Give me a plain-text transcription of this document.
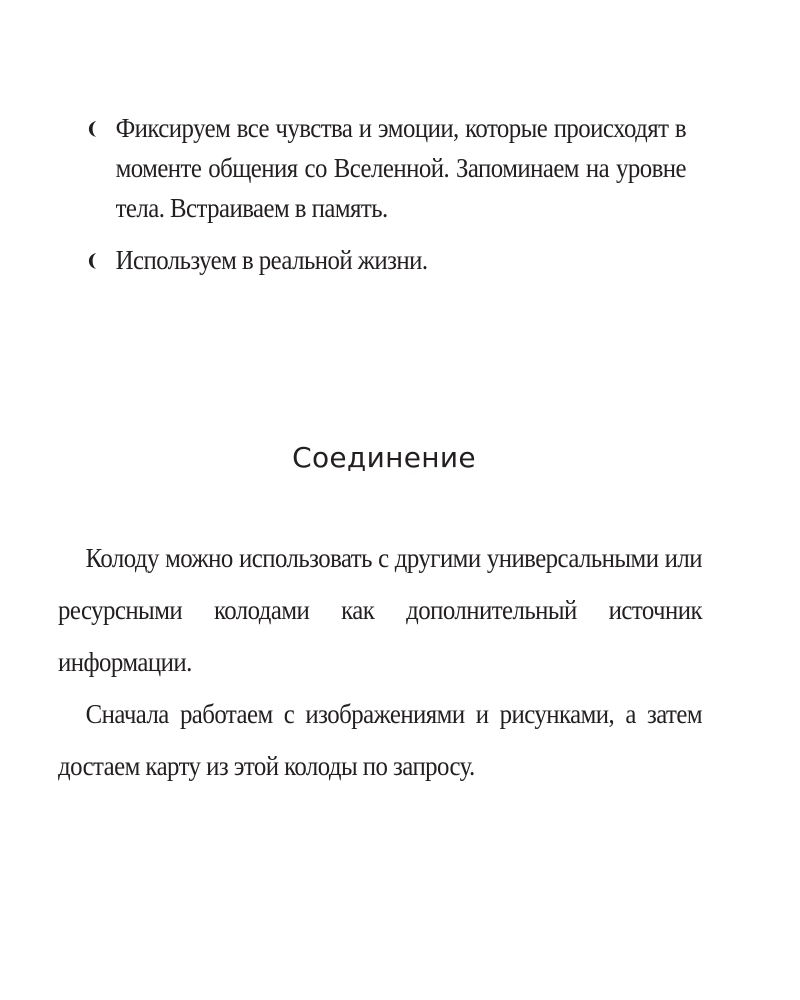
Фиксируем все чувства и эмоции, которые происходят в моменте общения со Вселенной. Запоминаем на уровне тела. Встраиваем в память.
Используем в реальной жизни.
Соединение

Колоду можно использовать с другими универсальными или ресурсными колодами как дополнительный источник информации.

Сначала работаем с изображениями и рисунками, а затем достаем карту из этой колоды по запросу.
